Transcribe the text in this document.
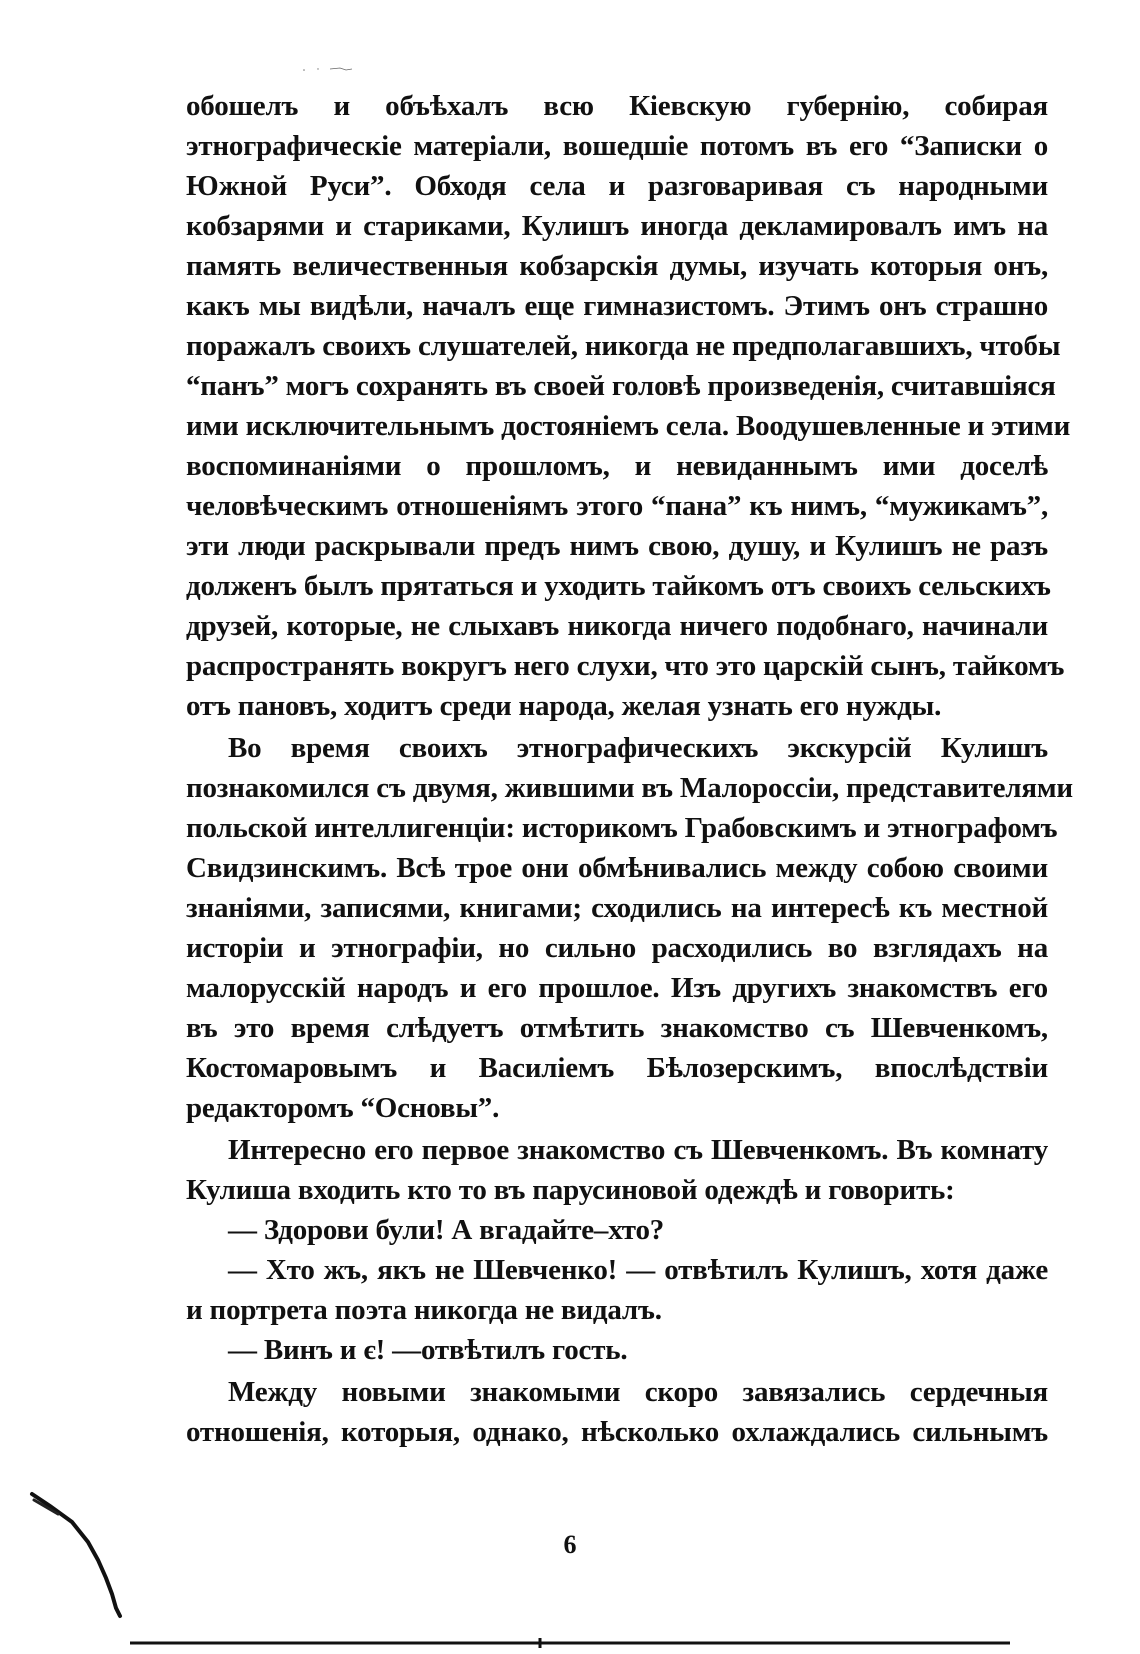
обошелъ и объѣхалъ всю Кіевскую губернію, собирая
этнографическіе матеріали, вошедшіе потомъ въ его “Записки о
Южной Руси”. Обходя села и разговаривая съ народными
кобзарями и стариками, Кулишъ иногда декламировалъ имъ на
память величественныя кобзарскія думы, изучать которыя онъ,
какъ мы видѣли, началъ еще гимназистомъ. Этимъ онъ страшно
поражалъ своихъ слушателей, никогда не предполагавшихъ, чтобы
“панъ” могъ сохранять въ своей головѣ произведенія, считавшіяся
ими исключительнымъ достояніемъ села. Воодушевленные и этими
воспоминаніями о прошломъ, и невиданнымъ ими доселѣ
человѣческимъ отношеніямъ этого “пана” къ нимъ, “мужикамъ”,
эти люди раскрывали предъ нимъ свою, душу, и Кулишъ не разъ
долженъ былъ прятаться и уходить тайкомъ отъ своихъ сельскихъ
друзей, которые, не слыхавъ никогда ничего подобнаго, начинали
распространять вокругъ него слухи, что это царскій сынъ, тайкомъ
отъ пановъ, ходитъ среди народа, желая узнать его нужды.
Во время своихъ этнографическихъ экскурсій Кулишъ
познакомился съ двумя, жившими въ Малороссіи, представителями
польской интеллигенціи: историкомъ Грабовскимъ и этнографомъ
Свидзинскимъ. Всѣ трое они обмѣнивались между собою своими
знаніями, записями, книгами; сходились на интересѣ къ местной
исторіи и этнографіи, но сильно расходились во взглядахъ на
малорусскій народъ и его прошлое. Изъ другихъ знакомствъ его
въ это время слѣдуетъ отмѣтить знакомство съ Шевченкомъ,
Костомаровымъ и Василіемъ Бѣлозерскимъ, впослѣдствіи
редакторомъ “Основы”.
Интересно его первое знакомство съ Шевченкомъ. Въ комнату
Кулиша входить кто то въ парусиновой одеждѣ и говорить:
— Здорови були! А вгадайте–хто?
— Хто жъ, якъ не Шевченко! — отвѣтилъ Кулишъ, хотя даже
и портрета поэта никогда не видалъ.
— Винъ и є! —отвѣтилъ гость.
Между новыми знакомыми скоро завязались сердечныя
отношенія, которыя, однако, нѣсколько охлаждались сильнымъ
6
